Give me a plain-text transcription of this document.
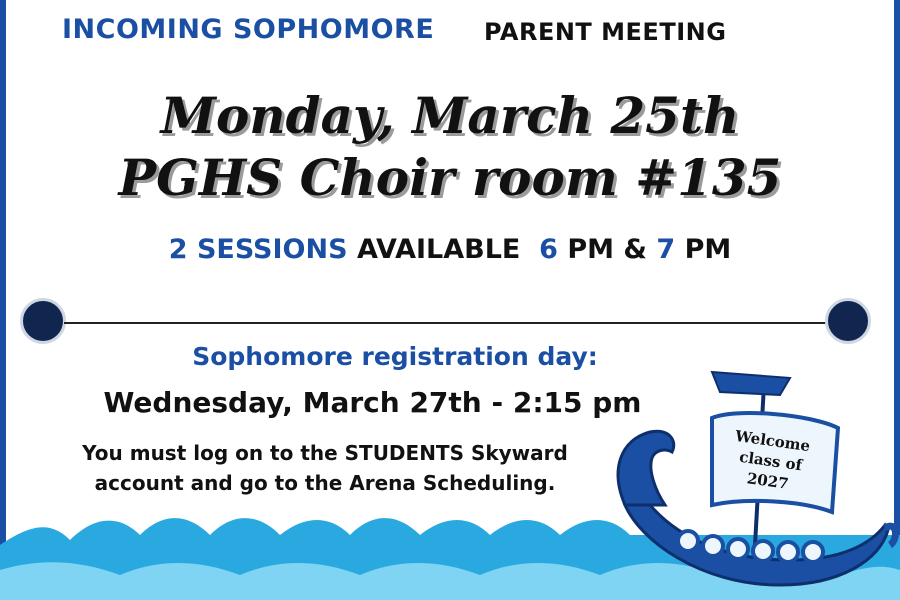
INCOMING SOPHOMORE PARENT MEETING
Monday, March 25th
PGHS Choir room #135
2 SESSIONS AVAILABLE 6 PM & 7 PM
Sophomore registration day:
Wednesday, March 27th - 2:15 pm
You must log on to the STUDENTS Skyward
account and go to the Arena Scheduling.
Welcome
class of
2027
